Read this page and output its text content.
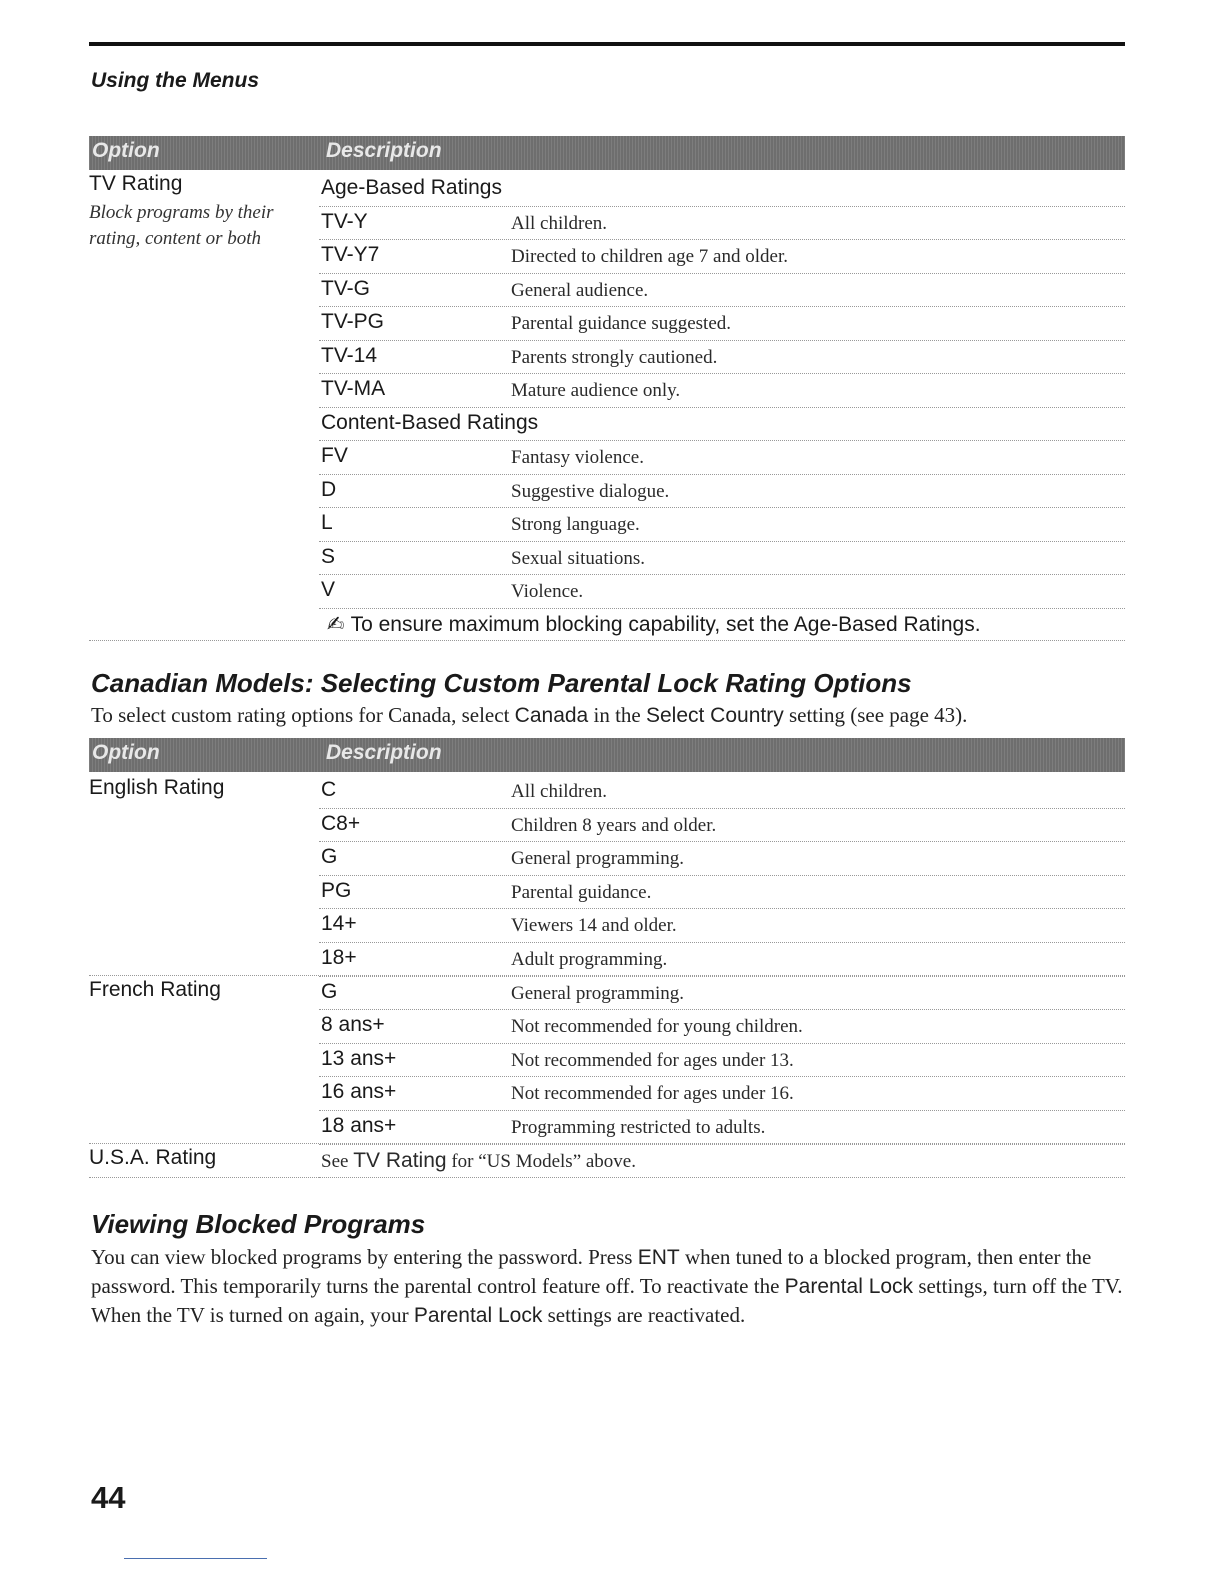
Using the Menus
Option	Description
TV Rating
Block programs by their rating, content or both
Age-Based Ratings
TV-Y	All children.
TV-Y7	Directed to children age 7 and older.
TV-G	General audience.
TV-PG	Parental guidance suggested.
TV-14	Parents strongly cautioned.
TV-MA	Mature audience only.
Content-Based Ratings
FV	Fantasy violence.
D	Suggestive dialogue.
L	Strong language.
S	Sexual situations.
V	Violence.
✍ To ensure maximum blocking capability, set the Age-Based Ratings.
Canadian Models: Selecting Custom Parental Lock Rating Options
To select custom rating options for Canada, select Canada in the Select Country setting (see page 43).
Option	Description
English Rating	C	All children.
C8+	Children 8 years and older.
G	General programming.
PG	Parental guidance.
14+	Viewers 14 and older.
18+	Adult programming.
French Rating	G	General programming.
8 ans+	Not recommended for young children.
13 ans+	Not recommended for ages under 13.
16 ans+	Not recommended for ages under 16.
18 ans+	Programming restricted to adults.
U.S.A. Rating	See TV Rating for “US Models” above.
Viewing Blocked Programs
You can view blocked programs by entering the password. Press ENT when tuned to a blocked program, then enter the password. This temporarily turns the parental control feature off. To reactivate the Parental Lock settings, turn off the TV. When the TV is turned on again, your Parental Lock settings are reactivated.
44
